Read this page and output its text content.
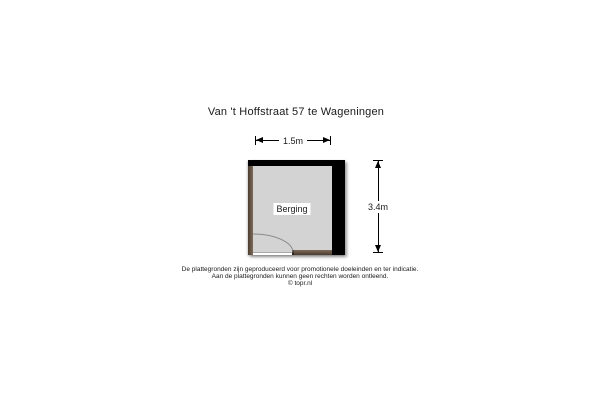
Van 't Hoffstraat 57 te Wageningen
1.5m
3.4m
Berging
De plattegronden zijn geproduceerd voor promotionele doeleinden en ter indicatie.
Aan de plattegronden kunnen geen rechten worden ontleend.
© topr.nl
